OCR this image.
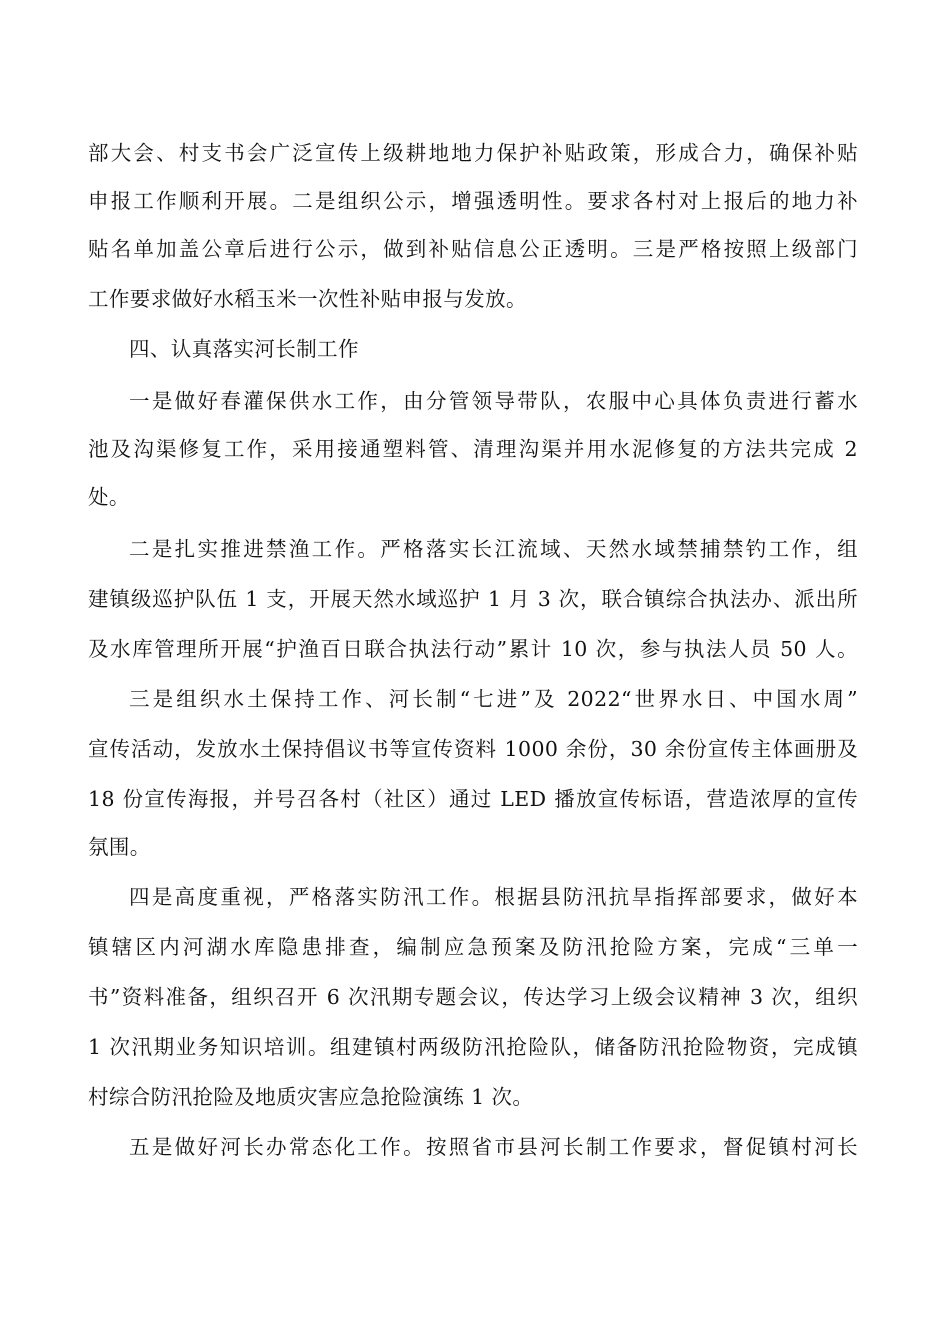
部大会、村支书会广泛宣传上级耕地地力保护补贴政策，形成合力，确保补贴

申报工作顺利开展。二是组织公示，增强透明性。要求各村对上报后的地力补

贴名单加盖公章后进行公示，做到补贴信息公正透明。三是严格按照上级部门

工作要求做好水稻玉米一次性补贴申报与发放。

四、认真落实河长制工作

一是做好春灌保供水工作，由分管领导带队，农服中心具体负责进行蓄水

池及沟渠修复工作，采用接通塑料管、清理沟渠并用水泥修复的方法共完成 2

处。

二是扎实推进禁渔工作。严格落实长江流域、天然水域禁捕禁钓工作，组

建镇级巡护队伍 1 支，开展天然水域巡护 1 月 3 次，联合镇综合执法办、派出所

及水库管理所开展“护渔百日联合执法行动”累计 10 次，参与执法人员 50 人。

三是组织水土保持工作、河长制“七进”及 2022“世界水日、中国水周”

宣传活动，发放水土保持倡议书等宣传资料 1000 余份，30 余份宣传主体画册及

18 份宣传海报，并号召各村（社区）通过 LED 播放宣传标语，营造浓厚的宣传

氛围。

四是高度重视，严格落实防汛工作。根据县防汛抗旱指挥部要求，做好本

镇辖区内河湖水库隐患排查，编制应急预案及防汛抢险方案，完成“三单一

书”资料准备，组织召开 6 次汛期专题会议，传达学习上级会议精神 3 次，组织

1 次汛期业务知识培训。组建镇村两级防汛抢险队，储备防汛抢险物资，完成镇

村综合防汛抢险及地质灾害应急抢险演练 1 次。

五是做好河长办常态化工作。按照省市县河长制工作要求，督促镇村河长
